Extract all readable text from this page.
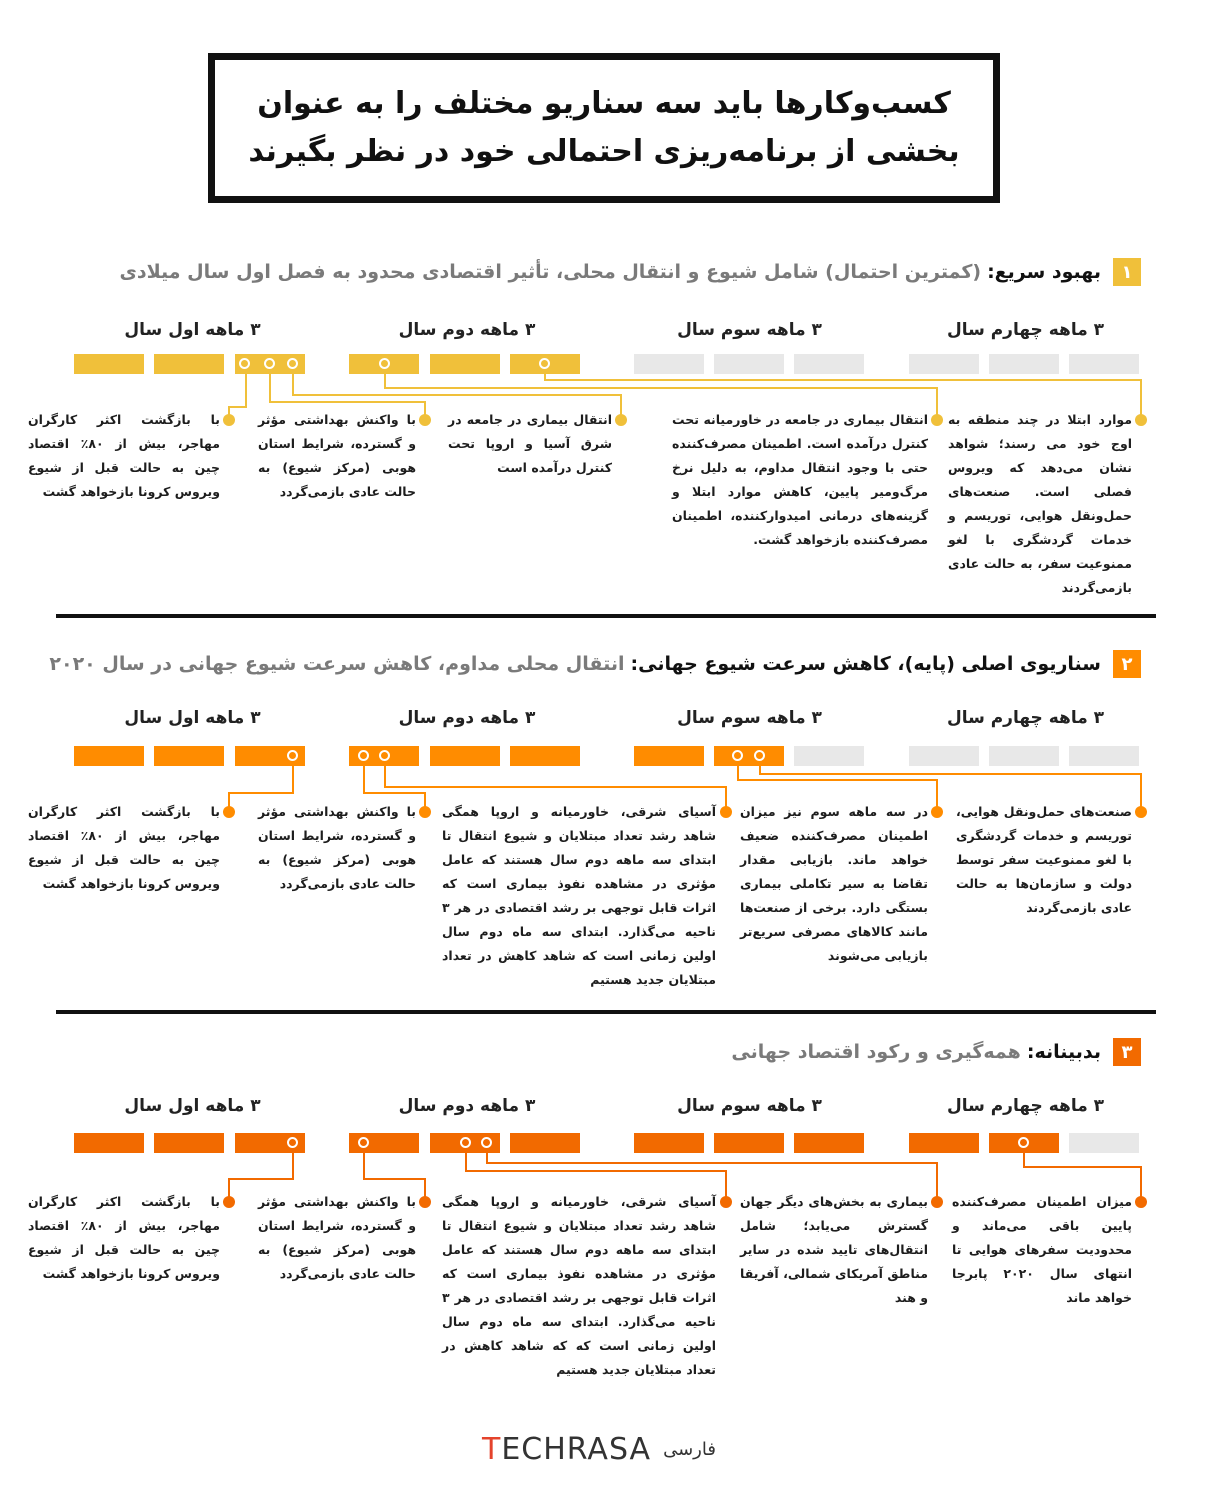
کسب‌وکارها باید سه سناریو مختلف را به عنوان
بخشی از برنامه‌ریزی احتمالی خود در نظر بگیرند
۱
بهبود سریع:
(کمترین احتمال) شامل شیوع و انتقال محلی، تأثیر اقتصادی محدود به فصل اول سال میلادی
۳ ماهه اول سال	۳ ماهه دوم سال	۳ ماهه سوم سال	۳ ماهه چهارم سال
موارد ابتلا در چند منطقه به اوج خود می رسند؛ شواهد نشان می‌دهد که ویروس فصلی است. صنعت‌های حمل‌ونقل هوایی، توریسم و خدمات گردشگری با لغو ممنوعیت سفر، به حالت عادی بازمی‌گردند
انتقال بیماری در جامعه در خاورمیانه تحت کنترل درآمده است. اطمینان مصرف‌کننده حتی با وجود انتقال مداوم، به دلیل نرخ مرگ‌ومیر پایین، کاهش موارد ابتلا و گزینه‌های درمانی امیدوارکننده، اطمینان مصرف‌کننده بازخواهد گشت.
انتقال بیماری در جامعه در شرق آسیا و اروپا تحت کنترل درآمده است
با واکنش بهداشتی مؤثر و گسترده، شرایط استان هوبی (مرکز شیوع) به حالت عادی بازمی‌گردد
با بازگشت اکثر کارگران مهاجر، بیش از ۸۰٪ اقتصاد چین به حالت قبل از شیوع ویروس کرونا بازخواهد گشت
۲
سناریوی اصلی (پایه)، کاهش سرعت شیوع جهانی:
انتقال محلی مداوم، کاهش سرعت شیوع جهانی در سال ۲۰۲۰
۳ ماهه اول سال	۳ ماهه دوم سال	۳ ماهه سوم سال	۳ ماهه چهارم سال
صنعت‌های حمل‌ونقل هوایی، توریسم و خدمات گردشگری با لغو ممنوعیت سفر توسط دولت و سازمان‌ها به حالت عادی بازمی‌گردند
در سه ماهه سوم نیز میزان اطمینان مصرف‌کننده ضعیف خواهد ماند. بازیابی مقدار تقاضا به سیر تکاملی بیماری بستگی دارد. برخی از صنعت‌ها مانند کالاهای مصرفی سریع‌تر بازیابی می‌شوند
آسیای شرقی، خاورمیانه و اروپا همگی شاهد رشد تعداد مبتلایان و شیوع انتقال تا ابتدای سه ماهه دوم سال هستند که عامل مؤثری در مشاهده نفوذ بیماری است که اثرات قابل توجهی بر رشد اقتصادی در هر ۳ ناحیه می‌گذارد. ابتدای سه ماه دوم سال اولین زمانی است که شاهد کاهش در تعداد مبتلایان جدید هستیم
با واکنش بهداشتی مؤثر و گسترده، شرایط استان هوبی (مرکز شیوع) به حالت عادی بازمی‌گردد
با بازگشت اکثر کارگران مهاجر، بیش از ۸۰٪ اقتصاد چین به حالت قبل از شیوع ویروس کرونا بازخواهد گشت
۳
بدبینانه:
همه‌گیری و رکود اقتصاد جهانی
۳ ماهه اول سال	۳ ماهه دوم سال	۳ ماهه سوم سال	۳ ماهه چهارم سال
میزان اطمینان مصرف‌کننده پایین باقی می‌ماند و محدودیت سفرهای هوایی تا انتهای سال ۲۰۲۰ پابرجا خواهد ماند
بیماری به بخش‌های دیگر جهان گسترش می‌یابد؛ شامل انتقال‌های تایید شده در سایر مناطق آمریکای شمالی، آفریقا و هند
آسیای شرقی، خاورمیانه و اروپا همگی شاهد رشد تعداد مبتلایان و شیوع انتقال تا ابتدای سه ماهه دوم سال هستند که عامل مؤثری در مشاهده نفوذ بیماری است که اثرات قابل توجهی بر رشد اقتصادی در هر ۳ ناحیه می‌گذارد. ابتدای سه ماه دوم سال اولین زمانی است که که شاهد کاهش در تعداد مبتلایان جدید هستیم
با واکنش بهداشتی مؤثر و گسترده، شرایط استان هوبی (مرکز شیوع) به حالت عادی بازمی‌گردد
با بازگشت اکثر کارگران مهاجر، بیش از ۸۰٪ اقتصاد چین به حالت قبل از شیوع ویروس کرونا بازخواهد گشت
TECHRASA فارسی
